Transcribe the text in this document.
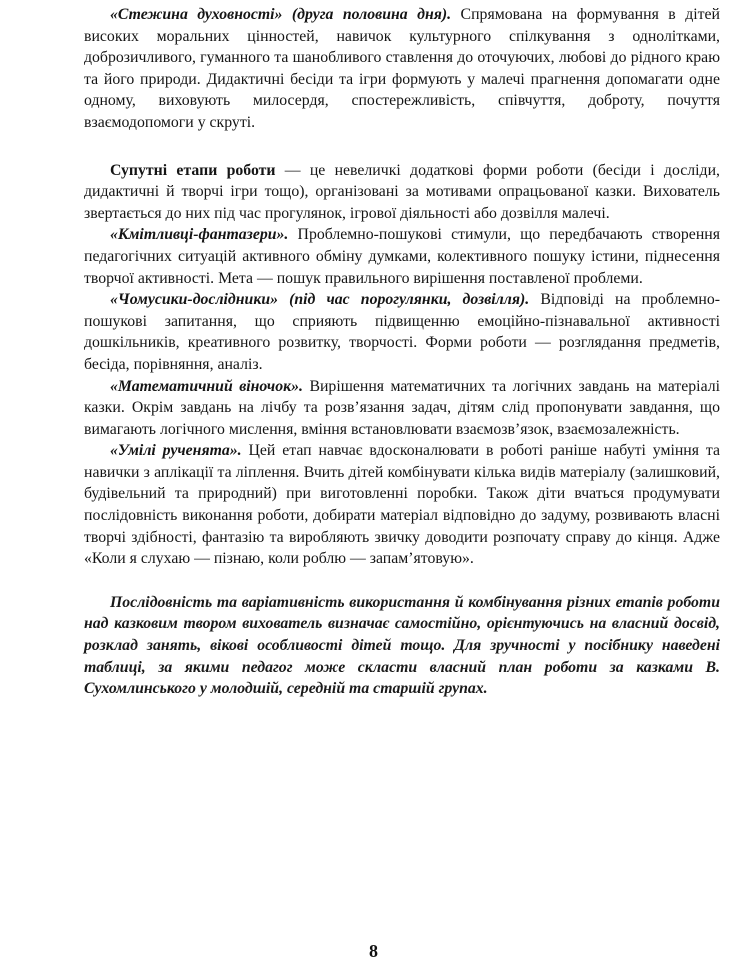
«Стежина духовності» (друга половина дня). Спрямована на формування в дітей високих моральних цінностей, навичок культурного спілкування з однолітками, доброзичливого, гуманного та шанобливого ставлення до оточуючих, любові до рідного краю та його природи. Дидактичні бесіди та ігри формують у малечі прагнення допомагати одне одному, виховують милосердя, спостережливість, співчуття, доброту, почуття взаємодопомоги у скруті.

Супутні етапи роботи — це невеличкі додаткові форми роботи (бесіди і досліди, дидактичні й творчі ігри тощо), організовані за мотивами опрацьованої казки. Вихователь звертається до них під час прогулянок, ігрової діяльності або дозвілля малечі.

«Кмітливці-фантазери». Проблемно-пошукові стимули, що передбачають створення педагогічних ситуацій активного обміну думками, колективного пошуку істини, піднесення творчої активності. Мета — пошук правильного вирішення поставленої проблеми.

«Чомусики-дослідники» (під час порогулянки, дозвілля). Відповіді на проблемно-пошукові запитання, що сприяють підвищенню емоційно-пізнавальної активності дошкільників, креативного розвитку, творчості. Форми роботи — розглядання предметів, бесіда, порівняння, аналіз.

«Математичний віночок». Вирішення математичних та логічних завдань на матеріалі казки. Окрім завдань на лічбу та розв’язання задач, дітям слід пропонувати завдання, що вимагають логічного мислення, вміння встановлювати взаємозв’язок, взаємозалежність.

«Умілі рученята». Цей етап навчає вдосконалювати в роботі раніше набуті уміння та навички з аплікації та ліплення. Вчить дітей комбінувати кілька видів матеріалу (залишковий, будівельний та природний) при виготовленні поробки. Також діти вчаться продумувати послідовність виконання роботи, добирати матеріал відповідно до задуму, розвивають власні творчі здібності, фантазію та виробляють звичку доводити розпочату справу до кінця. Адже «Коли я слухаю — пізнаю, коли роблю — запам’ятовую».

Послідовність та варіативність використання й комбінування різних етапів роботи над казковим твором вихователь визначає самостійно, орієнтуючись на власний досвід, розклад занять, вікові особливості дітей тощо. Для зручності у посібнику наведені таблиці, за якими педагог може скласти власний план роботи за казками В. Сухомлинського у молодшій, середній та старшій групах.

8
